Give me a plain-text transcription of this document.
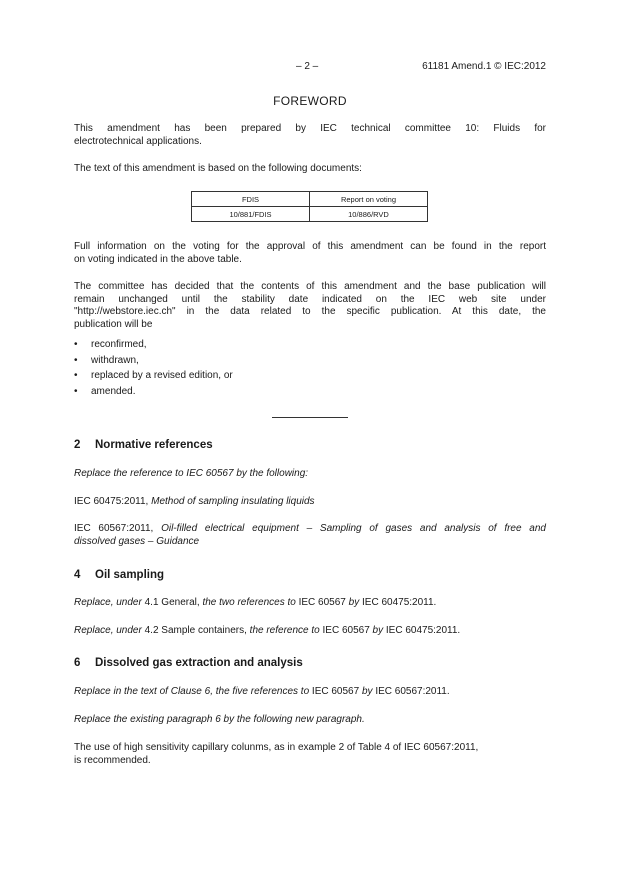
– 2 –	61181 Amend.1 © IEC:2012
FOREWORD
This amendment has been prepared by IEC technical committee 10: Fluids for
electrotechnical applications.
The text of this amendment is based on the following documents:
FDIS	Report on voting
10/881/FDIS	10/886/RVD
Full information on the voting for the approval of this amendment can be found in the report
on voting indicated in the above table.
The committee has decided that the contents of this amendment and the base publication will
remain unchanged until the stability date indicated on the IEC web site under
"http://webstore.iec.ch" in the data related to the specific publication. At this date, the
publication will be
• reconfirmed,
• withdrawn,
• replaced by a revised edition, or
• amended.
2 Normative references
Replace the reference to IEC 60567 by the following:
IEC 60475:2011, Method of sampling insulating liquids
IEC 60567:2011, Oil-filled electrical equipment – Sampling of gases and analysis of free and
dissolved gases – Guidance
4 Oil sampling
Replace, under 4.1 General, the two references to IEC 60567 by IEC 60475:2011.
Replace, under 4.2 Sample containers, the reference to IEC 60567 by IEC 60475:2011.
6 Dissolved gas extraction and analysis
Replace in the text of Clause 6, the five references to IEC 60567 by IEC 60567:2011.
Replace the existing paragraph 6 by the following new paragraph.
The use of high sensitivity capillary colunms, as in example 2 of Table 4 of IEC 60567:2011,
is recommended.
